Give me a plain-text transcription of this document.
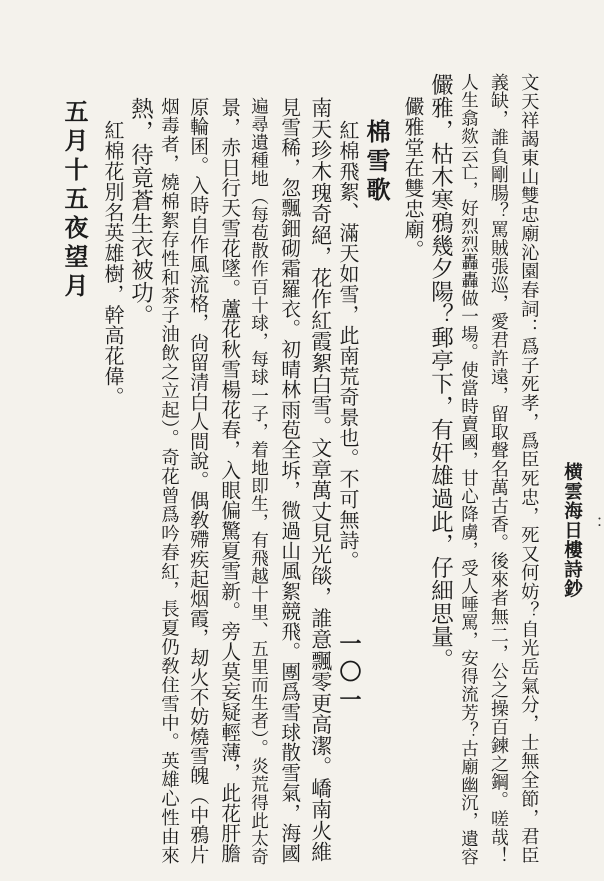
横雲海日樓詩鈔
文天祥謁東山雙忠廟沁園春詞：爲子死孝，爲臣死忠，死又何妨？自光岳氣分，士無全節，君臣
義缺，誰負剛腸？罵賊張巡，愛君許遠，留取聲名萬古香。後來者無二，公之操百鍊之鋼。嗟哉！
人生翕欻云亡，好烈烈轟轟做一場。使當時賣國，甘心降虜，受人唾罵，安得流芳？古廟幽沉，遺容
儼雅，枯木寒鴉幾夕陽？郵亭下，有奸雄過此，仔細思量。
儼雅堂在雙忠廟。
棉雪歌
紅棉飛絮、滿天如雪，此南荒奇景也。不可無詩。
南天珍木瑰奇絕，花作紅霞絮白雪。文章萬丈見光燄，誰意飄零更高潔。嶠南火維
見雪稀，忽飄鈿砌霜羅衣。初晴林雨苞全坼，微過山風絮競飛。團爲雪球散雪氣，海國
遍尋遺種地（每苞散作百十球，每球一子，着地即生，有飛越十里、五里而生者）。炎荒得此太奇
景，赤日行天雪花墜。蘆花秋雪楊花春，入眼偏驚夏雪新。旁人莫妄疑輕薄，此花肝膽
原輪囷。入時自作風流格，尙留清白人間說。偶敎殢疾起烟霞，刼火不妨燒雪魄（中鴉片
烟毒者，燒棉絮存性和茶子油飲之立起）。奇花曾爲吟春紅，長夏仍敎住雪中。英雄心性由來
熱，待竟蒼生衣被功。
紅棉花別名英雄樹，幹高花偉。
五月十五夜望月
一〇一
：
